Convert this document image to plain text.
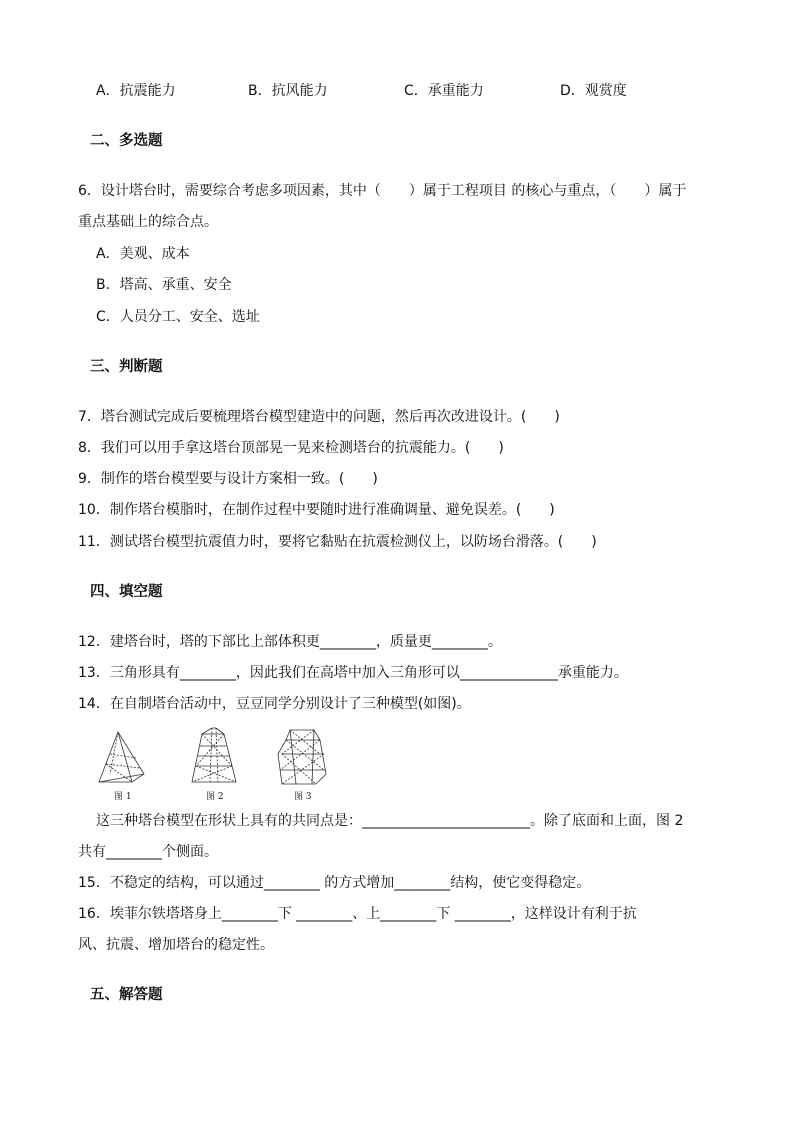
A．抗震能力	B．抗风能力	C．承重能力	D．观赏度
二、多选题
6．设计塔台时，需要综合考虑多项因素，其中（　　）属于工程项目 的核心与重点，（　　）属于
重点基础上的综合点。
A．美观、成本
B．塔高、承重、安全
C．人员分工、安全、选址
三、判断题
7．塔台测试完成后要梳理塔台模型建造中的问题，然后再次改进设计。(　　)
8．我们可以用手拿这塔台顶部晃一晃来检测塔台的抗震能力。(　　)
9．制作的塔台模型要与设计方案相一致。(　　)
10．制作塔台模脂时，在制作过程中要随时进行准确调量、避免误差。(　　)
11．测试塔台模型抗震值力时，要将它黏贴在抗震检测仪上，以防场台滑落。(　　)
四、填空题
12．建塔台时，塔的下部比上部体积更________，质量更________。
13．三角形具有________，因此我们在高塔中加入三角形可以______________承重能力。
14．在自制塔台活动中，豆豆同学分别设计了三种模型(如图)。
图 1	图 2	图 3
这三种塔台模型在形状上具有的共同点是：________________________。除了底面和上面，图 2
共有________个侧面。
15．不稳定的结构，可以通过________ 的方式增加________结构，使它变得稳定。
16．埃菲尔铁塔塔身上________下 ________、上________下 ________，这样设计有利于抗
风、抗震、增加塔台的稳定性。
五、解答题
